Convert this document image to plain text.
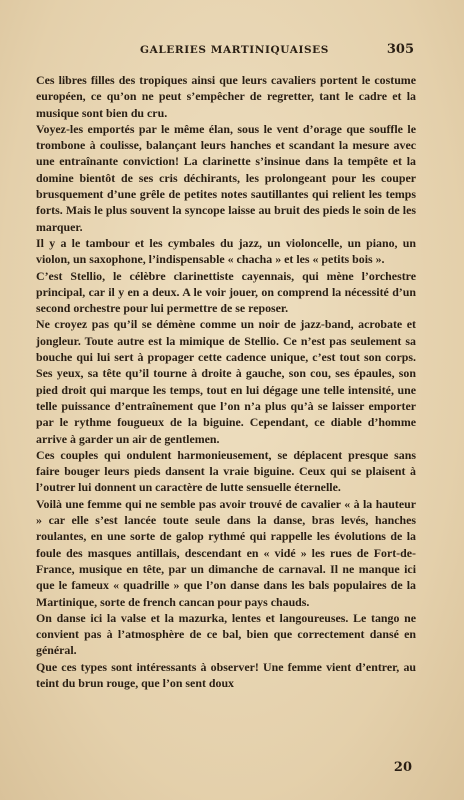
GALERIES MARTINIQUAISES	305

Ces libres filles des tropiques ainsi que leurs cavaliers portent le costume européen, ce qu’on ne peut s’empêcher de regretter, tant le cadre et la musique sont bien du cru.

Voyez-les emportés par le même élan, sous le vent d’orage que souffle le trombone à coulisse, balançant leurs hanches et scandant la mesure avec une entraînante conviction! La clarinette s’insinue dans la tempête et la domine bientôt de ses cris déchirants, les prolongeant pour les couper brusquement d’une grêle de petites notes sautillantes qui relient les temps forts. Mais le plus souvent la syncope laisse au bruit des pieds le soin de les marquer.

Il y a le tambour et les cymbales du jazz, un violoncelle, un piano, un violon, un saxophone, l’indispensable « chacha » et les « petits bois ».

C’est Stellio, le célèbre clarinettiste cayennais, qui mène l’orchestre principal, car il y en a deux. A le voir jouer, on comprend la nécessité d’un second orchestre pour lui permettre de se reposer.

Ne croyez pas qu’il se démène comme un noir de jazz-band, acrobate et jongleur. Toute autre est la mimique de Stellio. Ce n’est pas seulement sa bouche qui lui sert à propager cette cadence unique, c’est tout son corps. Ses yeux, sa tête qu’il tourne à droite à gauche, son cou, ses épaules, son pied droit qui marque les temps, tout en lui dégage une telle intensité, une telle puissance d’entraînement que l’on n’a plus qu’à se laisser emporter par le rythme fougueux de la biguine. Cependant, ce diable d’homme arrive à garder un air de gentlemen.

Ces couples qui ondulent harmonieusement, se déplacent presque sans faire bouger leurs pieds dansent la vraie biguine. Ceux qui se plaisent à l’outrer lui donnent un caractère de lutte sensuelle éternelle.

Voilà une femme qui ne semble pas avoir trouvé de cavalier « à la hauteur » car elle s’est lancée toute seule dans la danse, bras levés, hanches roulantes, en une sorte de galop rythmé qui rappelle les évolutions de la foule des masques antillais, descendant en « vidé » les rues de Fort-de-France, musique en tête, par un dimanche de carnaval. Il ne manque ici que le fameux « quadrille » que l’on danse dans les bals populaires de la Martinique, sorte de french cancan pour pays chauds.

On danse ici la valse et la mazurka, lentes et langoureuses. Le tango ne convient pas à l’atmosphère de ce bal, bien que correctement dansé en général.

Que ces types sont intéressants à observer! Une femme vient d’entrer, au teint du brun rouge, que l’on sent doux

20
